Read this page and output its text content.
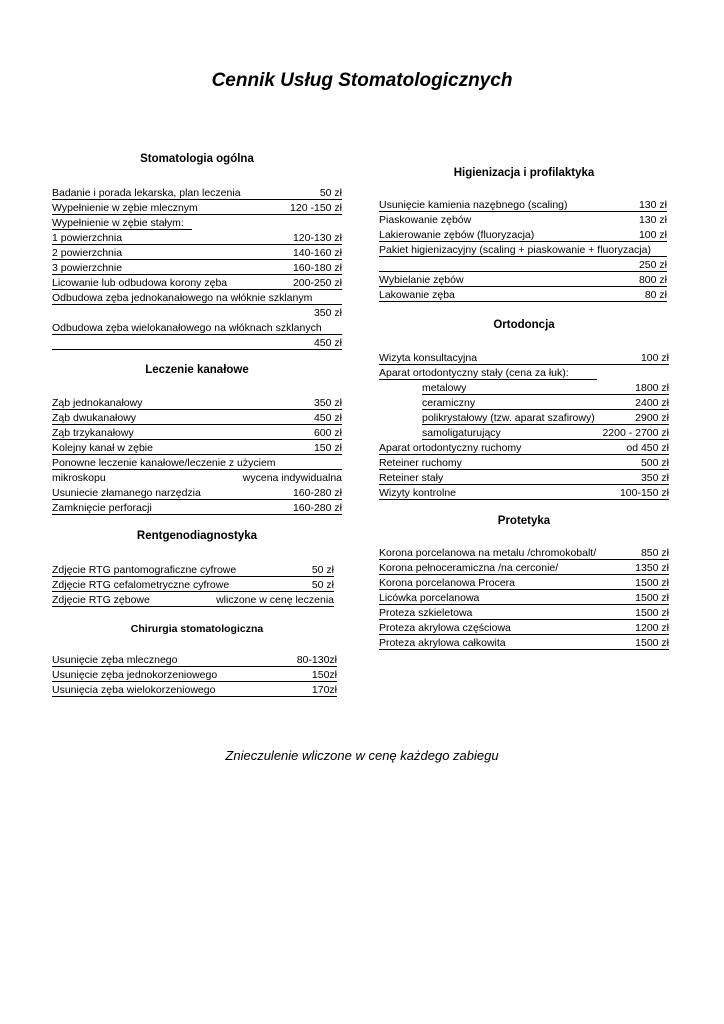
Cennik Usług Stomatologicznych
Stomatologia ogólna
Badanie i porada lekarska, plan leczenia	50 zł
Wypełnienie w zębie mlecznym	120 -150 zł
Wypełnienie w zębie stałym:
1 powierzchnia	120-130 zł
2 powierzchnia	140-160 zł
3 powierzchnie	160-180 zł
Licowanie lub odbudowa korony zęba	200-250 zł
Odbudowa zęba jednokanałowego na włóknie szklanym
350 zł
Odbudowa zęba wielokanałowego na włóknach szklanych
450 zł
Leczenie kanałowe
Ząb jednokanałowy	350 zł
Ząb dwukanałowy	450 zł
Ząb trzykanałowy	600 zł
Kolejny kanał w zębie	150 zł
Ponowne leczenie kanałowe/leczenie z użyciem
mikroskopu	wycena indywidualna
Usuniecie złamanego narzędzia	160-280 zł
Zamknięcie perforacji	160-280 zł
Rentgenodiagnostyka
Zdjęcie RTG pantomograficzne cyfrowe	50 zł
Zdjęcie RTG cefalometryczne cyfrowe	50 zł
Zdjęcie RTG zębowe	wliczone w cenę leczenia
Chirurgia stomatologiczna
Usunięcie zęba mlecznego	80-130zł
Usunięcie zęba jednokorzeniowego	150zł
Usunięcia zęba wielokorzeniowego	170zł
Higienizacja i profilaktyka
Usunięcie kamienia nazębnego (scaling)	130 zł
Piaskowanie zębów	130 zł
Lakierowanie zębów (fluoryzacja)	100 zł
Pakiet higienizacyjny (scaling + piaskowanie + fluoryzacja)
250 zł
Wybielanie zębów	800 zł
Lakowanie zęba	80 zł
Ortodoncja
Wizyta konsultacyjna	100 zł
Aparat ortodontyczny stały (cena za łuk):
metalowy	1800 zł
ceramiczny	2400 zł
polikrystałowy (tzw. aparat szafirowy)	2900 zł
samoligaturujący	2200 - 2700 zł
Aparat ortodontyczny ruchomy	od 450 zł
Reteiner ruchomy	500 zł
Reteiner stały	350 zł
Wizyty kontrolne	100-150 zł
Protetyka
Korona porcelanowa na metalu /chromokobalt/	850 zł
Korona pełnoceramiczna /na cerconie/	1350 zł
Korona porcelanowa Procera	1500 zł
Licówka porcelanowa	1500 zł
Proteza szkieletowa	1500 zł
Proteza akrylowa częściowa	1200 zł
Proteza akrylowa całkowita	1500 zł
Znieczulenie wliczone w cenę każdego zabiegu
